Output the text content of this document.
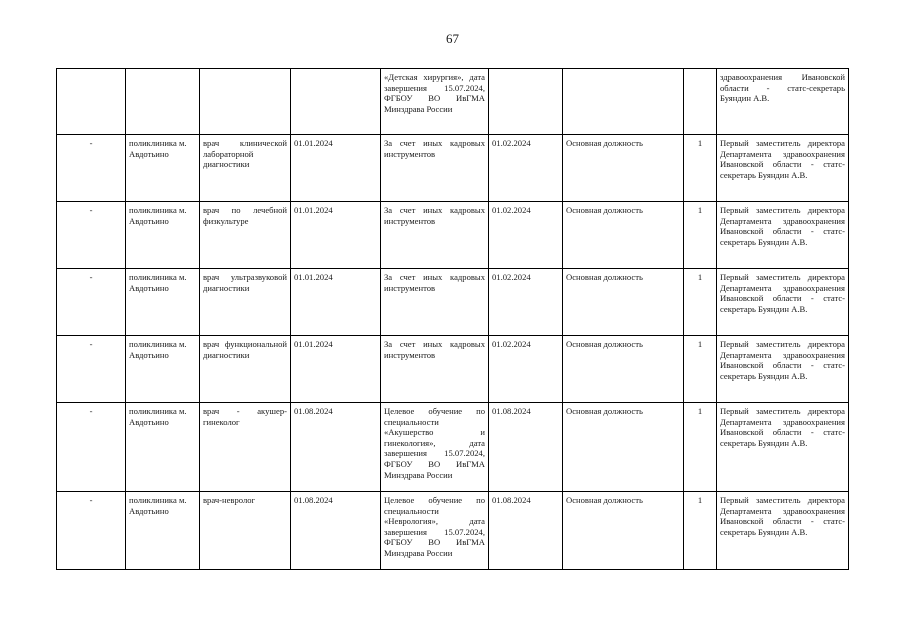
67
				«Детская хирургия», дата завершения 15.07.2024, ФГБОУ ВО ИвГМА Минздрава России				здравоохранения Ивановской области - статс-секретарь Буяндин А.В.
-	поликлиника м. Авдотьино	врач клинической лабораторной диагностики	01.01.2024	За счет иных кадровых инструментов	01.02.2024	Основная должность	1	Первый заместитель директора Департамента здравоохранения Ивановской области - статс-секретарь Буяндин А.В.
-	поликлиника м. Авдотьино	врач по лечебной физкультуре	01.01.2024	За счет иных кадровых инструментов	01.02.2024	Основная должность	1	Первый заместитель директора Департамента здравоохранения Ивановской области - статс-секретарь Буяндин А.В.
-	поликлиника м. Авдотьино	врач ультразвуковой диагностики	01.01.2024	За счет иных кадровых инструментов	01.02.2024	Основная должность	1	Первый заместитель директора Департамента здравоохранения Ивановской области - статс-секретарь Буяндин А.В.
-	поликлиника м. Авдотьино	врач функциональной диагностики	01.01.2024	За счет иных кадровых инструментов	01.02.2024	Основная должность	1	Первый заместитель директора Департамента здравоохранения Ивановской области - статс-секретарь Буяндин А.В.
-	поликлиника м. Авдотьино	врач - акушер-гинеколог	01.08.2024	Целевое обучение по специальности «Акушерство и гинекология», дата завершения 15.07.2024, ФГБОУ ВО ИвГМА Минздрава России	01.08.2024	Основная должность	1	Первый заместитель директора Департамента здравоохранения Ивановской области - статс-секретарь Буяндин А.В.
-	поликлиника м. Авдотьино	врач-невролог	01.08.2024	Целевое обучение по специальности «Неврология», дата завершения 15.07.2024, ФГБОУ ВО ИвГМА Минздрава России	01.08.2024	Основная должность	1	Первый заместитель директора Департамента здравоохранения Ивановской области - статс-секретарь Буяндин А.В.
